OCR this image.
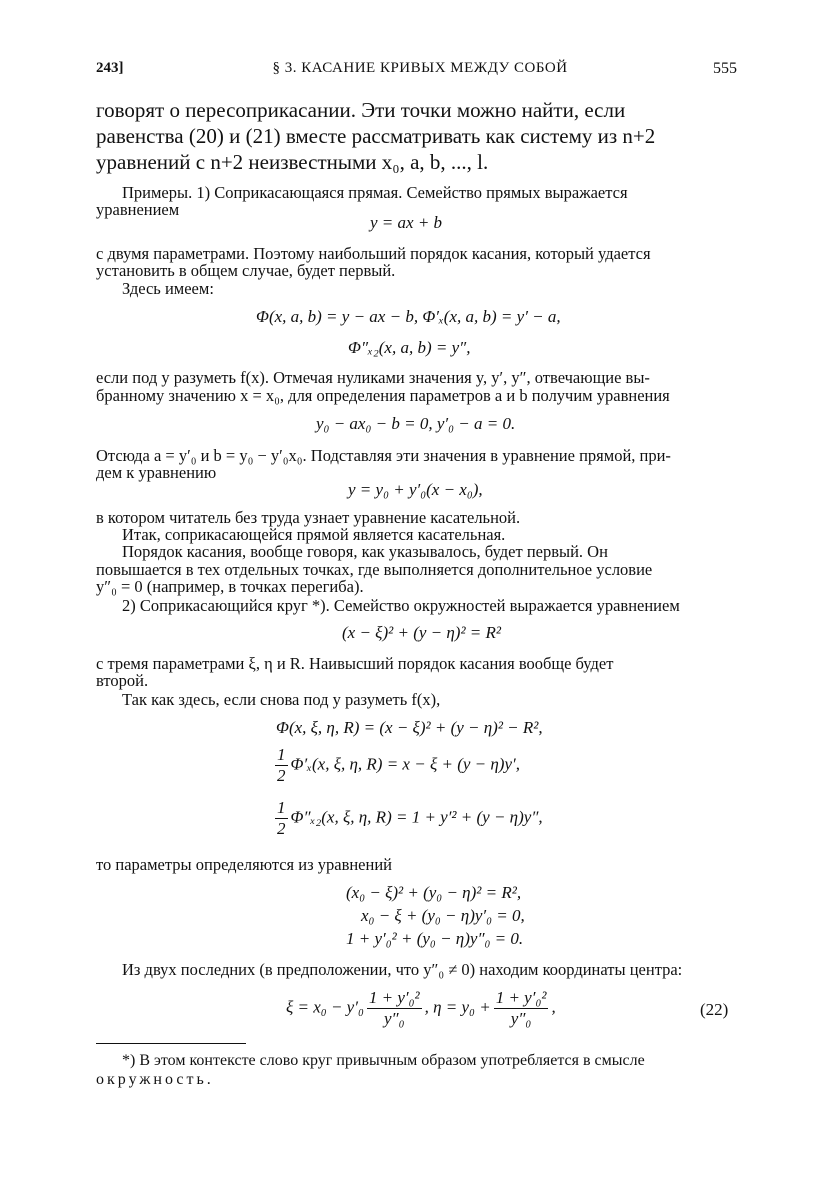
243]	§ 3. КАСАНИЕ КРИВЫХ МЕЖДУ СОБОЙ	555
говорят о пересоприкасании. Эти точки можно найти, если
равенства (20) и (21) вместе рассматривать как систему из n+2
уравнений с n+2 неизвестными x₀, a, b, ..., l.
Примеры. 1) Соприкасающаяся прямая. Семейство прямых выражается
уравнением
y = ax + b
с двумя параметрами. Поэтому наибольший порядок касания, который удается
установить в общем случае, будет первый.
Здесь имеем:
Φ(x, a, b) = y − ax − b, Φ′ₓ(x, a, b) = y′ − a,
Φ″ₓ₂(x, a, b) = y″,
если под y разуметь f(x). Отмечая нуликами значения y, y′, y″, отвечающие вы-
бранному значению x = x₀, для определения параметров a и b получим уравнения
y₀ − ax₀ − b = 0, y′₀ − a = 0.
Отсюда a = y′₀ и b = y₀ − y′₀x₀. Подставляя эти значения в уравнение прямой, при-
дем к уравнению
y = y₀ + y′₀(x − x₀),
в котором читатель без труда узнает уравнение касательной.
Итак, соприкасающейся прямой является касательная.
Порядок касания, вообще говоря, как указывалось, будет первый. Он
повышается в тех отдельных точках, где выполняется дополнительное условие
y″₀ = 0 (например, в точках перегиба).
2) Соприкасающийся круг *). Семейство окружностей выражается уравнением
(x − ξ)² + (y − η)² = R²
с тремя параметрами ξ, η и R. Наивысший порядок касания вообще будет
второй.
Так как здесь, если снова под y разуметь f(x),
Φ(x, ξ, η, R) = (x − ξ)² + (y − η)² − R²,
$\frac{1}{2} \Phi'_x(x$, ξ, η, R) = x − ξ + (y − η)y′,
$\frac{1}{2} \Phi''_{x2}(x$, ξ, η, R) = 1 + y′² + (y − η)y″,
то параметры определяются из уравнений
(x₀ − ξ)² + (y₀ − η)² = R²,
x₀ − ξ + (y₀ − η)y′₀ = 0,
1 + y′₀² + (y₀ − η)y″₀ = 0.
Из двух последних (в предположении, что y″₀ ≠ 0) находим координаты центра:
$\xi = x_0 - y'_0 \frac{\text{1 + y′₀²}}{\text{y″₀}}$ , $\eta = y_0 + \frac{\text{1 + y′₀²}}{\text{y″₀}}$ ,	(22)
*) В этом контексте слово круг привычным образом употребляется в смысле
окружность.
